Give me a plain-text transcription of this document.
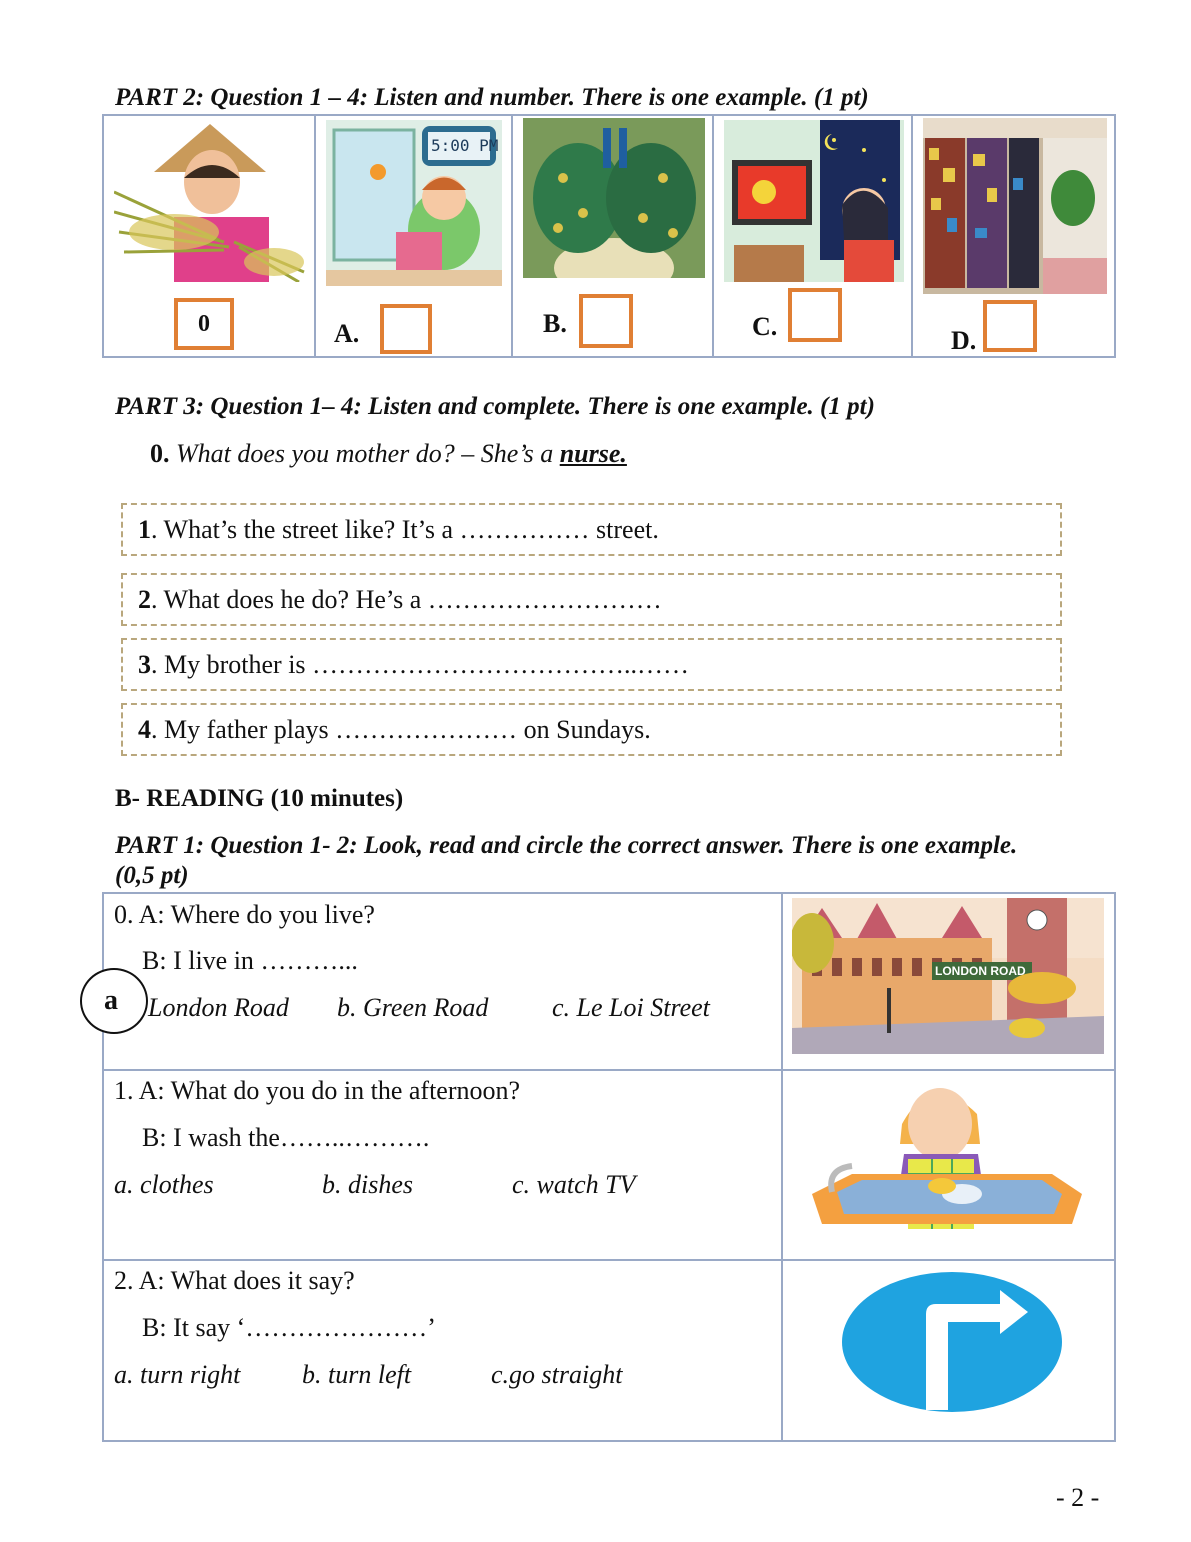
PART 2: Question 1 – 4: Listen and number. There is one example. (1 pt)
0
5:00 PM
A.	B.	C.	D.
PART 3: Question 1– 4: Listen and complete. There is one example. (1 pt)
0. What does you mother do? – She’s a nurse.
1. What’s the street like? It’s a …………… street.
2. What does he do? He’s a ………………………
3. My brother is ………………………………..……
4. My father plays ………………… on Sundays.
B- READING (10 minutes)
PART 1: Question 1- 2: Look, read and circle the correct answer. There is one example.
(0,5 pt)
0. A: Where do you live?
B: I live in ………...
London Road b. Green Road c. Le Loi Street
LONDON ROAD
1. A: What do you do in the afternoon?
B: I wash the……..……….
a. clothes	b. dishes	c. watch TV
2. A: What does it say?
B: It say ‘…………………’
a. turn right b. turn left	c.go straight
a
- 2 -
